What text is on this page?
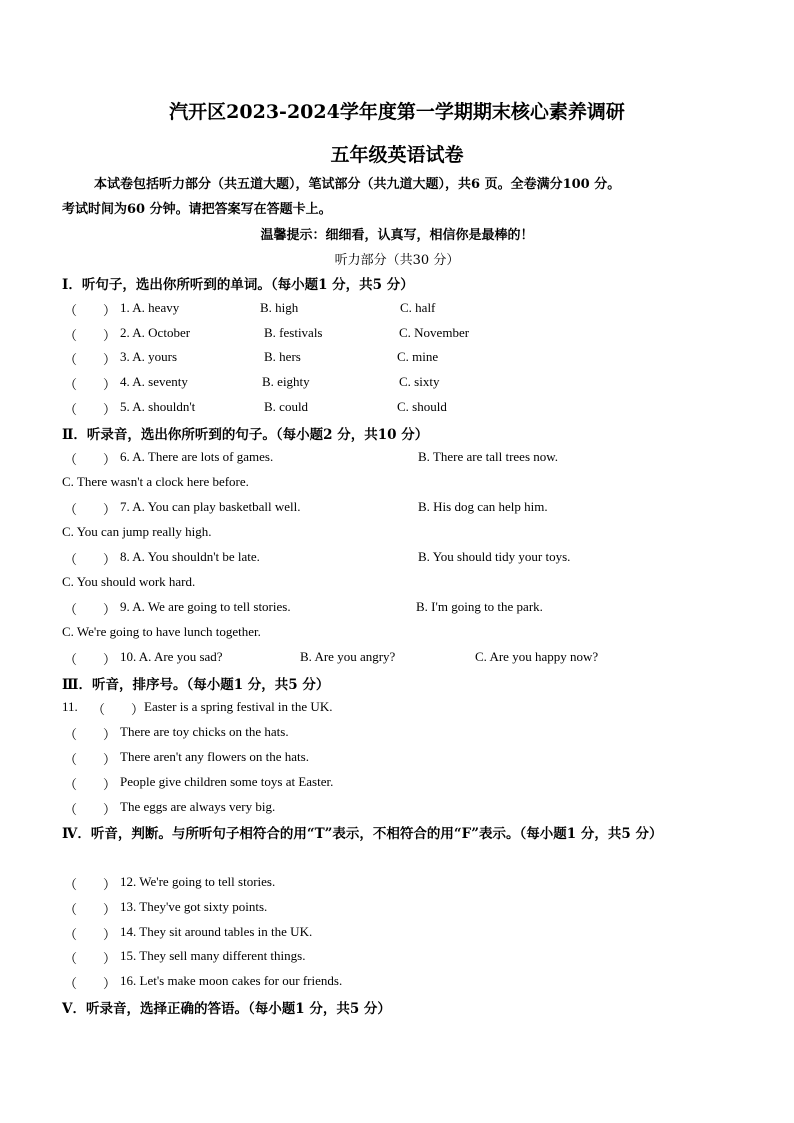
汽开区2023-2024学年度第一学期期末核心素养调研
五年级英语试卷
本试卷包括听力部分（共五道大题），笔试部分（共九道大题），共6 页。全卷满分100 分。
考试时间为60 分钟。请把答案写在答题卡上。
温馨提示：细细看，认真写，相信你是最棒的！
听力部分（共30 分）
I．听句子，选出你所听到的单词。（每小题1 分，共5 分）
（　　） 1. A. heavy	B. high	C. half
（　　） 2. A. October	B. festivals	C. November
（　　） 3. A. yours	B. hers	C. mine
（　　） 4. A. seventy	B. eighty	C. sixty
（　　） 5. A. shouldn't	B. could	C. should
Ⅱ．听录音，选出你所听到的句子。（每小题2 分，共10 分）
（　　） 6. A. There are lots of games.	B. There are tall trees now.
C. There wasn't a clock here before.
（　　） 7. A. You can play basketball well.	B. His dog can help him.
C. You can jump really high.
（　　） 8. A. You shouldn't be late.	B. You should tidy your toys.
C. You should work hard.
（　　） 9. A. We are going to tell stories.	B. I'm going to the park.
C. We're going to have lunch together.
（　　） 10. A. Are you sad?	B. Are you angry?	C. Are you happy now?
Ⅲ．听音，排序号。（每小题1 分，共5 分）
11. （　　） Easter is a spring festival in the UK.
（　　） There are toy chicks on the hats.
（　　） There aren't any flowers on the hats.
（　　） People give children some toys at Easter.
（　　） The eggs are always very big.
Ⅳ．听音，判断。与所听句子相符合的用“T”表示，不相符合的用“F”表示。（每小题1 分，共5 分）
（　　） 12. We're going to tell stories.
（　　） 13. They've got sixty points.
（　　） 14. They sit around tables in the UK.
（　　） 15. They sell many different things.
（　　） 16. Let's make moon cakes for our friends.
V．听录音，选择正确的答语。（每小题1 分，共5 分）
